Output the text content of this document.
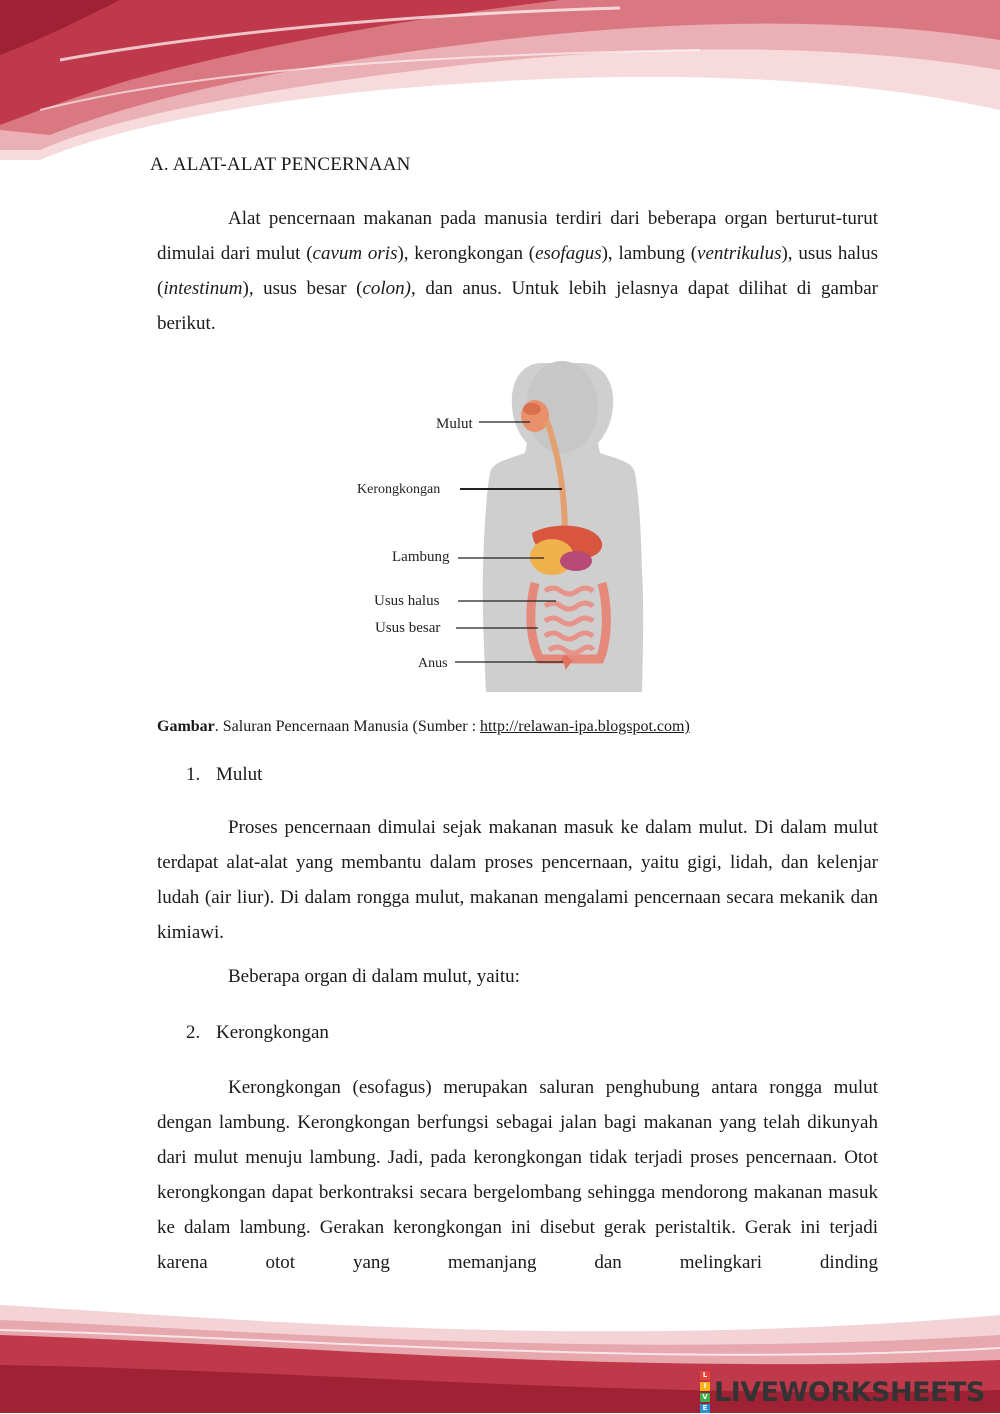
A. ALAT-ALAT PENCERNAAN
Alat pencernaan makanan pada manusia terdiri dari beberapa organ berturut-turut dimulai dari mulut (cavum oris), kerongkongan (esofagus), lambung (ventrikulus), usus halus (intestinum), usus besar (colon), dan anus. Untuk lebih jelasnya dapat dilihat di gambar berikut.
Mulut
Kerongkongan
Lambung
Usus halus
Usus besar
Anus
Gambar. Saluran Pencernaan Manusia (Sumber : http://relawan-ipa.blogspot.com)
1. Mulut
Proses pencernaan dimulai sejak makanan masuk ke dalam mulut. Di dalam mulut terdapat alat-alat yang membantu dalam proses pencernaan, yaitu gigi, lidah, dan kelenjar ludah (air liur). Di dalam rongga mulut, makanan mengalami pencernaan secara mekanik dan kimiawi.
Beberapa organ di dalam mulut, yaitu:
2. Kerongkongan
Kerongkongan (esofagus) merupakan saluran penghubung antara rongga mulut dengan lambung. Kerongkongan berfungsi sebagai jalan bagi makanan yang telah dikunyah dari mulut menuju lambung. Jadi, pada kerongkongan tidak terjadi proses pencernaan. Otot kerongkongan dapat berkontraksi secara bergelombang sehingga mendorong makanan masuk ke dalam lambung. Gerakan kerongkongan ini disebut gerak peristaltik. Gerak ini terjadi karena otot yang memanjang dan melingkari dinding
L
I
V
E
LIVEWORKSHEETS
